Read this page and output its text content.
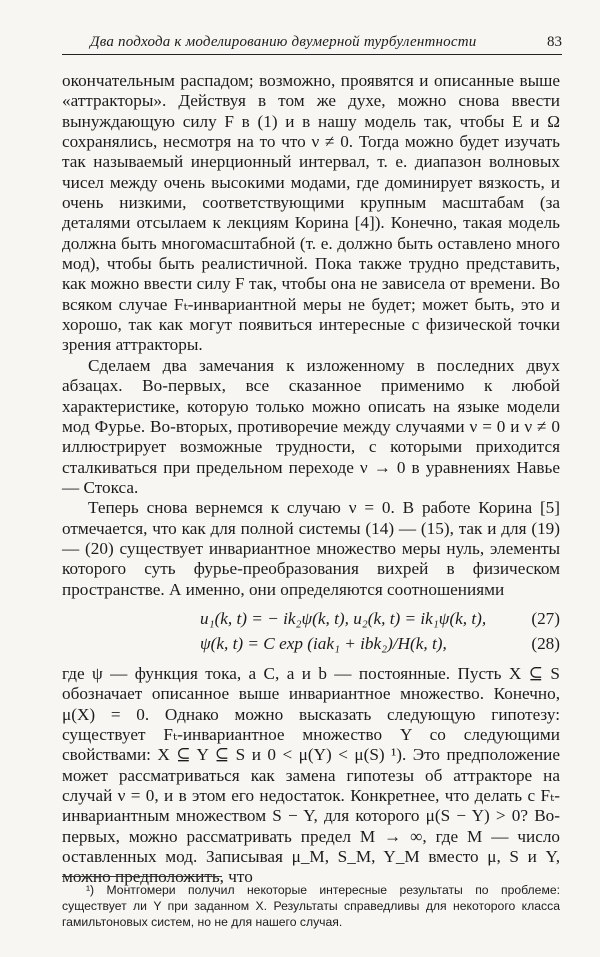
Два подхода к моделированию двумерной турбулентности	83

окончательным распадом; возможно, проявятся и описанные выше «аттракторы». Действуя в том же духе, можно снова ввести вынуждающую силу F в (1) и в нашу модель так, чтобы E и Ω сохранялись, несмотря на то что ν ≠ 0. Тогда можно будет изучать так называемый инерционный интервал, т. е. диапазон волновых чисел между очень высокими модами, где доминирует вязкость, и очень низкими, соответствующими крупным масштабам (за деталями отсылаем к лекциям Корина [4]). Конечно, такая модель должна быть многомасштабной (т. е. должно быть оставлено много мод), чтобы быть реалистичной. Пока также трудно представить, как можно ввести силу F так, чтобы она не зависела от времени. Во всяком случае Fₜ-инвариантной меры не будет; может быть, это и хорошо, так как могут появиться интересные с физической точки зрения аттракторы.

Сделаем два замечания к изложенному в последних двух абзацах. Во-первых, все сказанное применимо к любой характеристике, которую только можно описать на языке модели мод Фурье. Во-вторых, противоречие между случаями ν = 0 и ν ≠ 0 иллюстрирует возможные трудности, с которыми приходится сталкиваться при предельном переходе ν → 0 в уравнениях Навье — Стокса.

Теперь снова вернемся к случаю ν = 0. В работе Корина [5] отмечается, что как для полной системы (14) — (15), так и для (19) — (20) существует инвариантное множество меры нуль, элементы которого суть фурье-преобразования вихрей в физическом пространстве. А именно, они определяются соотношениями

u₁(k, t) = − ik₂ψ(k, t), u₂(k, t) = ik₁ψ(k, t),	(27)
ψ(k, t) = C exp (iak₁ + ibk₂)/H(k, t),	(28)

где ψ — функция тока, а C, a и b — постоянные. Пусть X ⊆ S обозначает описанное выше инвариантное множество. Конечно, μ(X) = 0. Однако можно высказать следующую гипотезу: существует Fₜ-инвариантное множество Y со следующими свойствами: X ⊆ Y ⊆ S и 0 < μ(Y) < μ(S) ¹). Это предположение может рассматриваться как замена гипотезы об аттракторе на случай ν = 0, и в этом его недостаток. Конкретнее, что делать с Fₜ-инвариантным множеством S − Y, для которого μ(S − Y) > 0? Во-первых, можно рассматривать предел M → ∞, где M — число оставленных мод. Записывая μ_M, S_M, Y_M вместо μ, S и Y, можно предположить, что

¹) Монтгомери получил некоторые интересные результаты по проблеме: существует ли Y при заданном X. Результаты справедливы для некоторого класса гамильтоновых систем, но не для нашего случая.
